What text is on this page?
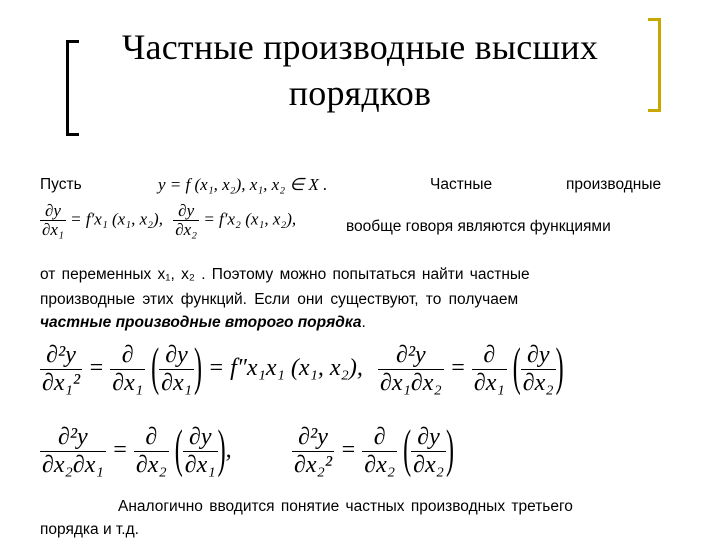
Частные производные высших
порядков
Пусть	y = f (x₁, x₂), x₁, x₂ ∈ X .	Частные	производные
$\frac{\partial y}{\text{∂x₁}} = f'x_1$ (x₁, x₂), $\frac{\partial y}{\text{∂x₂}} = f'x_2$ (x₁, x₂),	вообще говоря являются функциями
от переменных x₁, x₂ . Поэтому можно попытаться найти частные
производные этих функций. Если они существуют, то получаем
частные производные второго порядка.
$\frac{\text{∂²y}}{\text{∂x₁²}} = \frac{\partial}{\text{∂x₁}}$ ( $\frac{\partial y}{\text{∂x₁}}$ ) = f″x₁x₁ (x₁, x₂), $\frac{\text{∂²y}}{\text{∂x₁∂x₂}} = \frac{\partial}{\text{∂x₁}}$ ( $\frac{\partial y}{\text{∂x₂}}$ )
$\frac{\text{∂²y}}{\text{∂x₂∂x₁}} = \frac{\partial}{\text{∂x₂}}$ ( $\frac{\partial y}{\text{∂x₁}}$ ),	$\frac{\text{∂²y}}{\text{∂x₂²}} = \frac{\partial}{\text{∂x₂}}$ ( $\frac{\partial y}{\text{∂x₂}}$ )
Аналогично вводится понятие частных производных третьего
порядка и т.д.
